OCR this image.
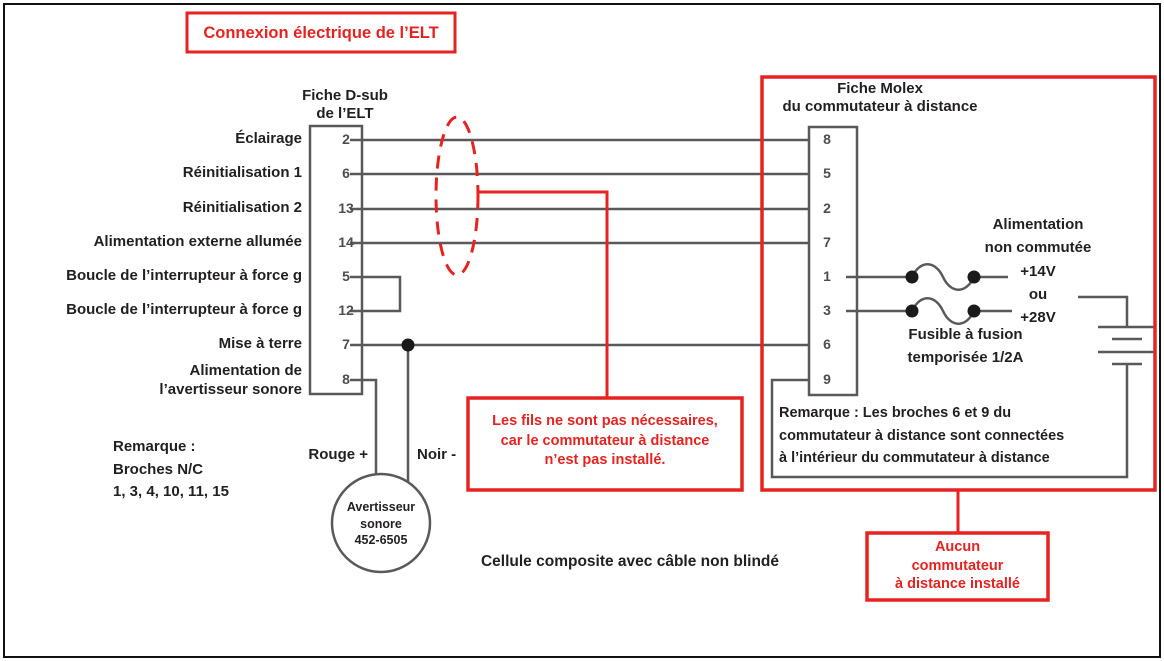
Connexion électrique de l’ELT
Fiche D-sub
de l’ELT
Fiche Molex
du commutateur à distance
Éclairage
Réinitialisation 1
Réinitialisation 2
Alimentation externe allumée
Boucle de l’interrupteur à force g
Boucle de l’interrupteur à force g
Mise à terre
Alimentation de
l’avertisseur sonore
2
6
13
14
5
12
7
8
8
5
2
7
1
3
6
9
Remarque :
Broches N/C
1, 3, 4, 10, 11, 15
Rouge +	Noir -
Avertisseur
sonore
452-6505
Les fils ne sont pas nécessaires,
car le commutateur à distance
n’est pas installé.
Alimentation
non commutée
+14V
ou
+28V
Fusible à fusion
temporisée 1/2A
Remarque : Les broches 6 et 9 du
commutateur à distance sont connectées
à l’intérieur du commutateur à distance
Aucun
commutateur
à distance installé
Cellule composite avec câble non blindé
